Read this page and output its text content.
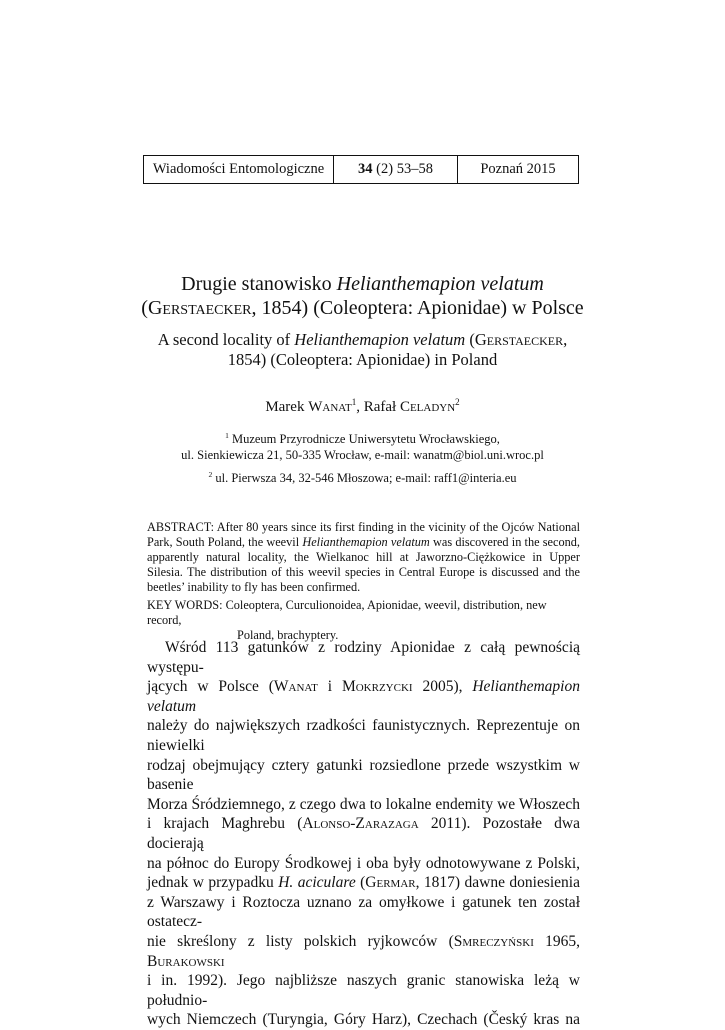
Wiadomości Entomologiczne 34
(2) 53–58	Poznań 2015
Drugie stanowisko Helianthemapion velatum
(Gerstaecker, 1854) (Coleoptera: Apionidae) w Polsce
A second locality of Helianthemapion velatum (Gerstaecker,
1854) (Coleoptera: Apionidae) in Poland
Marek Wanat$^1$, Rafał Celadyn$^2$
$^1$ Muzeum Przyrodnicze Uniwersytetu Wrocławskiego,
ul. Sienkiewicza 21, 50-335 Wrocław, e-mail: wanatm@biol.uni.wroc.pl
$^2$ ul. Pierwsza 34, 32-546 Młoszowa; e-mail: raff1@interia.eu
ABSTRACT: After 80 years since its first finding in the vicinity of the Ojców National Park, South Poland, the weevil Helianthemapion velatum was discovered in the second, apparently natural locality, the Wielkanoc hill at Jaworzno-Ciężkowice in Upper Silesia. The distribution of this weevil species in Central Europe is discussed and the beetles’ inability to fly has been confirmed.
KEY WORDS: Coleoptera, Curculionoidea, Apionidae, weevil, distribution, new record,
Poland, brachyptery.
Wśród 113 gatunków z rodziny Apionidae z całą pewnością występu-
jących w Polsce (Wanat i Mokrzycki 2005), Helianthemapion velatum
należy do największych rzadkości faunistycznych. Reprezentuje on niewielki
rodzaj obejmujący cztery gatunki rozsiedlone przede wszystkim w basenie
Morza Śródziemnego, z czego dwa to lokalne endemity we Włoszech
i krajach Maghrebu (Alonso-Zarazaga 2011). Pozostałe dwa docierają
na północ do Europy Środkowej i oba były odnotowywane z Polski,
jednak w przypadku H. aciculare (Germar, 1817) dawne doniesienia
z Warszawy i Roztocza uznano za omyłkowe i gatunek ten został ostatecz-
nie skreślony z listy polskich ryjkowców (Smreczyński 1965, Burakowski
i in. 1992). Jego najbliższe naszych granic stanowiska leżą w południo-
wych Niemczech (Turyngia, Góry Harz), Czechach (Český kras na
